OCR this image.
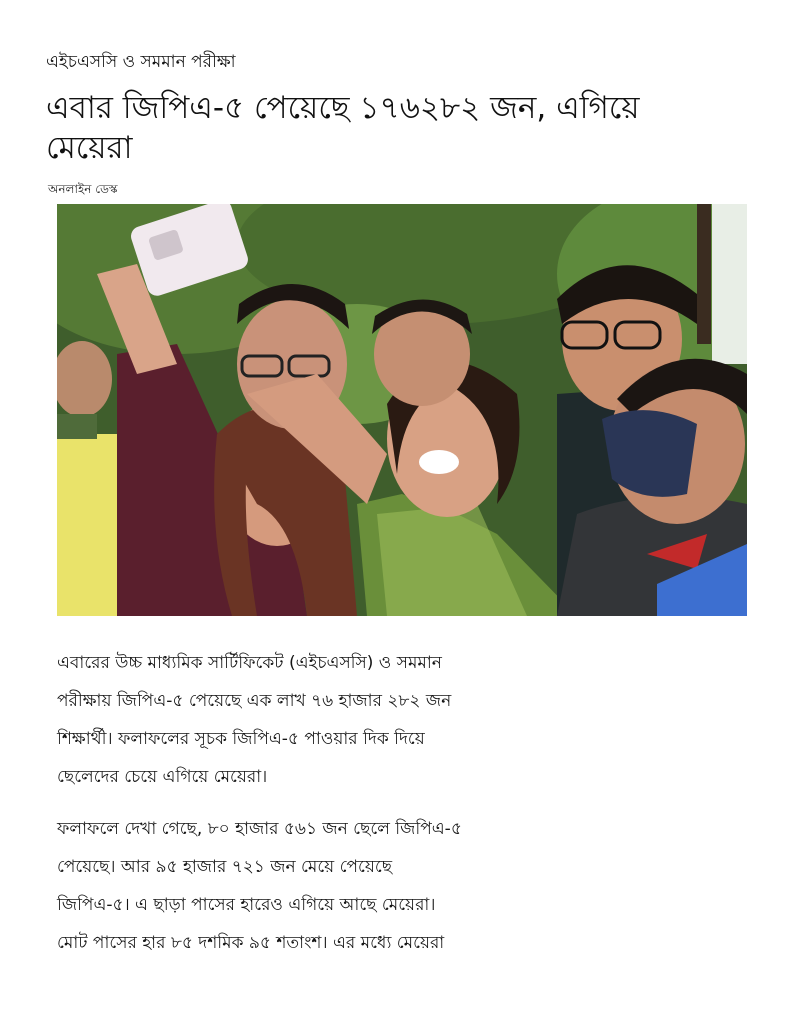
এইচএসসি ও সমমান পরীক্ষা
এবার জিপিএ-৫ পেয়েছে ১৭৬২৮২ জন, এগিয়ে
মেয়েরা
অনলাইন ডেস্ক

এবারের উচ্চ মাধ্যমিক সার্টিফিকেট (এইচএসসি) ও সমমান
পরীক্ষায় জিপিএ-৫ পেয়েছে এক লাখ ৭৬ হাজার ২৮২ জন
শিক্ষার্থী। ফলাফলের সূচক জিপিএ-৫ পাওয়ার দিক দিয়ে
ছেলেদের চেয়ে এগিয়ে মেয়েরা।

ফলাফলে দেখা গেছে, ৮০ হাজার ৫৬১ জন ছেলে জিপিএ-৫
পেয়েছে। আর ৯৫ হাজার ৭২১ জন মেয়ে পেয়েছে
জিপিএ-৫। এ ছাড়া পাসের হারেও এগিয়ে আছে মেয়েরা।
মোট পাসের হার ৮৫ দশমিক ৯৫ শতাংশ। এর মধ্যে মেয়েরা
